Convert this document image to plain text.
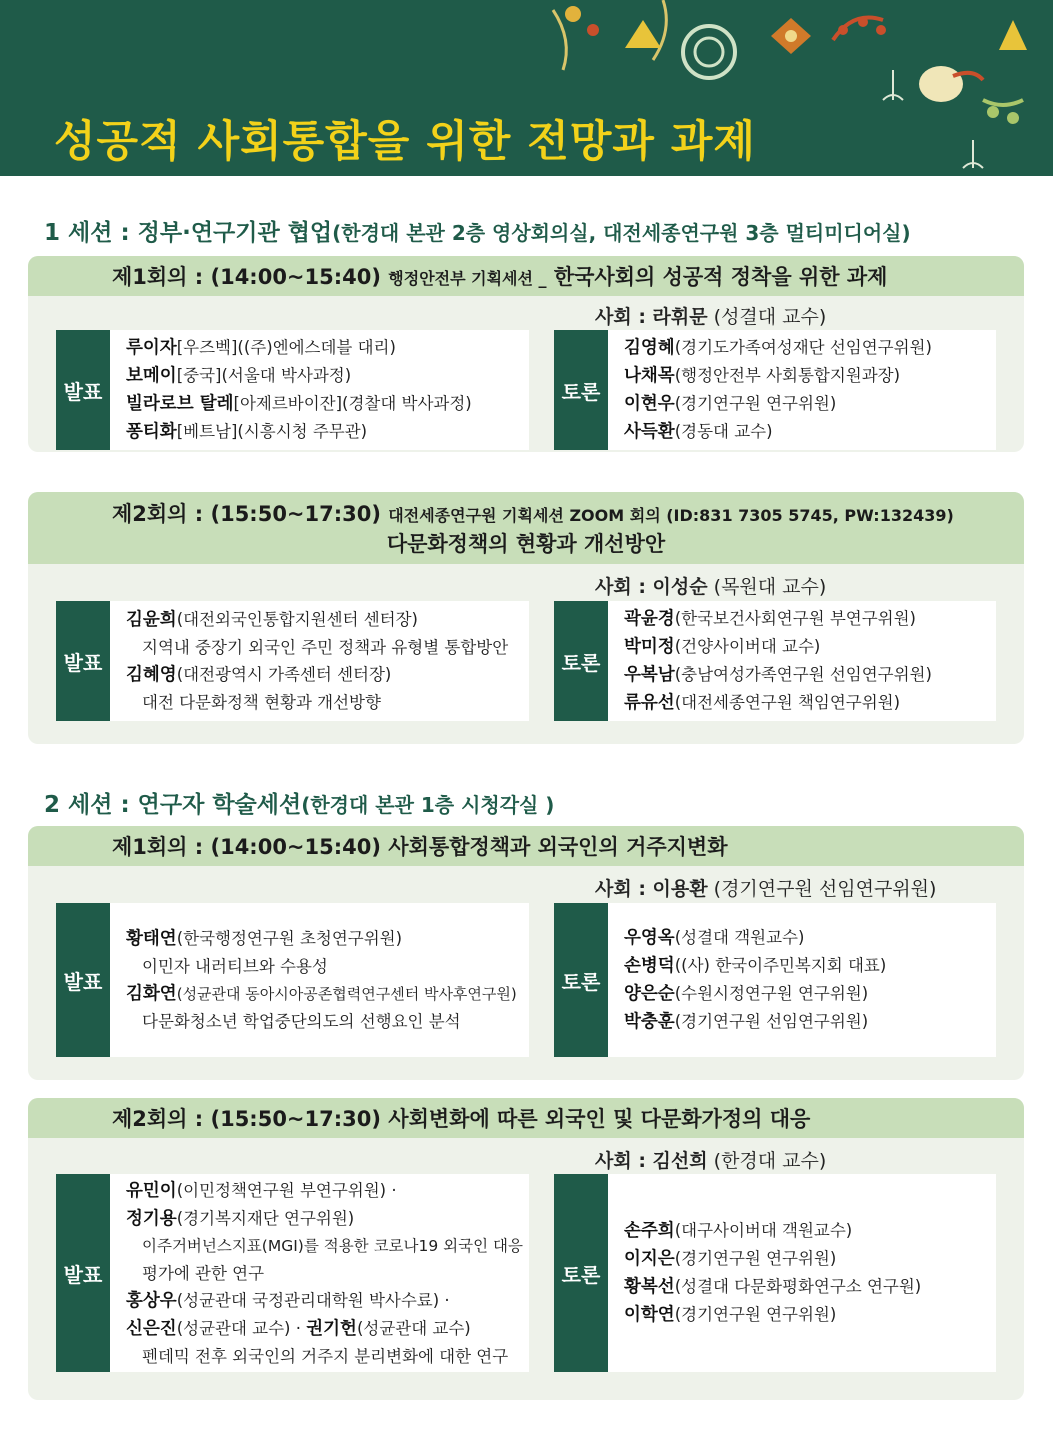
성공적 사회통합을 위한 전망과 과제
1 세션 : 정부·연구기관 협업(한경대 본관 2층 영상회의실, 대전세종연구원 3층 멀티미디어실)
제1회의 : (14:00~15:40) 행정안전부 기획세션 _ 한국사회의 성공적 정착을 위한 과제
사회 : 라휘문 (성결대 교수)
발표
루이자[우즈벡]((주)엔에스데블 대리)
보메이[중국](서울대 박사과정)
빌라로브 탈레[아제르바이잔](경찰대 박사과정)
퐁티화[베트남](시흥시청 주무관)
토론
김영혜(경기도가족여성재단 선임연구위원)
나채목(행정안전부 사회통합지원과장)
이현우(경기연구원 연구위원)
사득환(경동대 교수)
제2회의 : (15:50~17:30) 대전세종연구원 기획세션 ZOOM 회의 (ID:831 7305 5745, PW:132439)
다문화정책의 현황과 개선방안
사회 : 이성순 (목원대 교수)
발표
김윤희(대전외국인통합지원센터 센터장)
지역내 중장기 외국인 주민 정책과 유형별 통합방안
김혜영(대전광역시 가족센터 센터장)
대전 다문화정책 현황과 개선방향
토론
곽윤경(한국보건사회연구원 부연구위원)
박미정(건양사이버대 교수)
우복남(충남여성가족연구원 선임연구위원)
류유선(대전세종연구원 책임연구위원)
2 세션 : 연구자 학술세션(한경대 본관 1층 시청각실 )
제1회의 : (14:00~15:40) 사회통합정책과 외국인의 거주지변화
사회 : 이용환 (경기연구원 선임연구위원)
발표
황태연(한국행정연구원 초청연구위원)
이민자 내러티브와 수용성
김화연(성균관대 동아시아공존협력연구센터 박사후연구원)
다문화청소년 학업중단의도의 선행요인 분석
토론
우영옥(성결대 객원교수)
손병덕((사) 한국이주민복지회 대표)
양은순(수원시정연구원 연구위원)
박충훈(경기연구원 선임연구위원)
제2회의 : (15:50~17:30) 사회변화에 따른 외국인 및 다문화가정의 대응
사회 : 김선희 (한경대 교수)
발표
유민이(이민정책연구원 부연구위원) ·
정기용(경기복지재단 연구위원)
이주거버넌스지표(MGI)를 적용한 코로나19 외국인 대응
평가에 관한 연구
홍상우(성균관대 국정관리대학원 박사수료) ·
신은진(성균관대 교수) · 권기헌(성균관대 교수)
펜데믹 전후 외국인의 거주지 분리변화에 대한 연구
토론
손주희(대구사이버대 객원교수)
이지은(경기연구원 연구위원)
황복선(성결대 다문화평화연구소 연구원)
이학연(경기연구원 연구위원)
